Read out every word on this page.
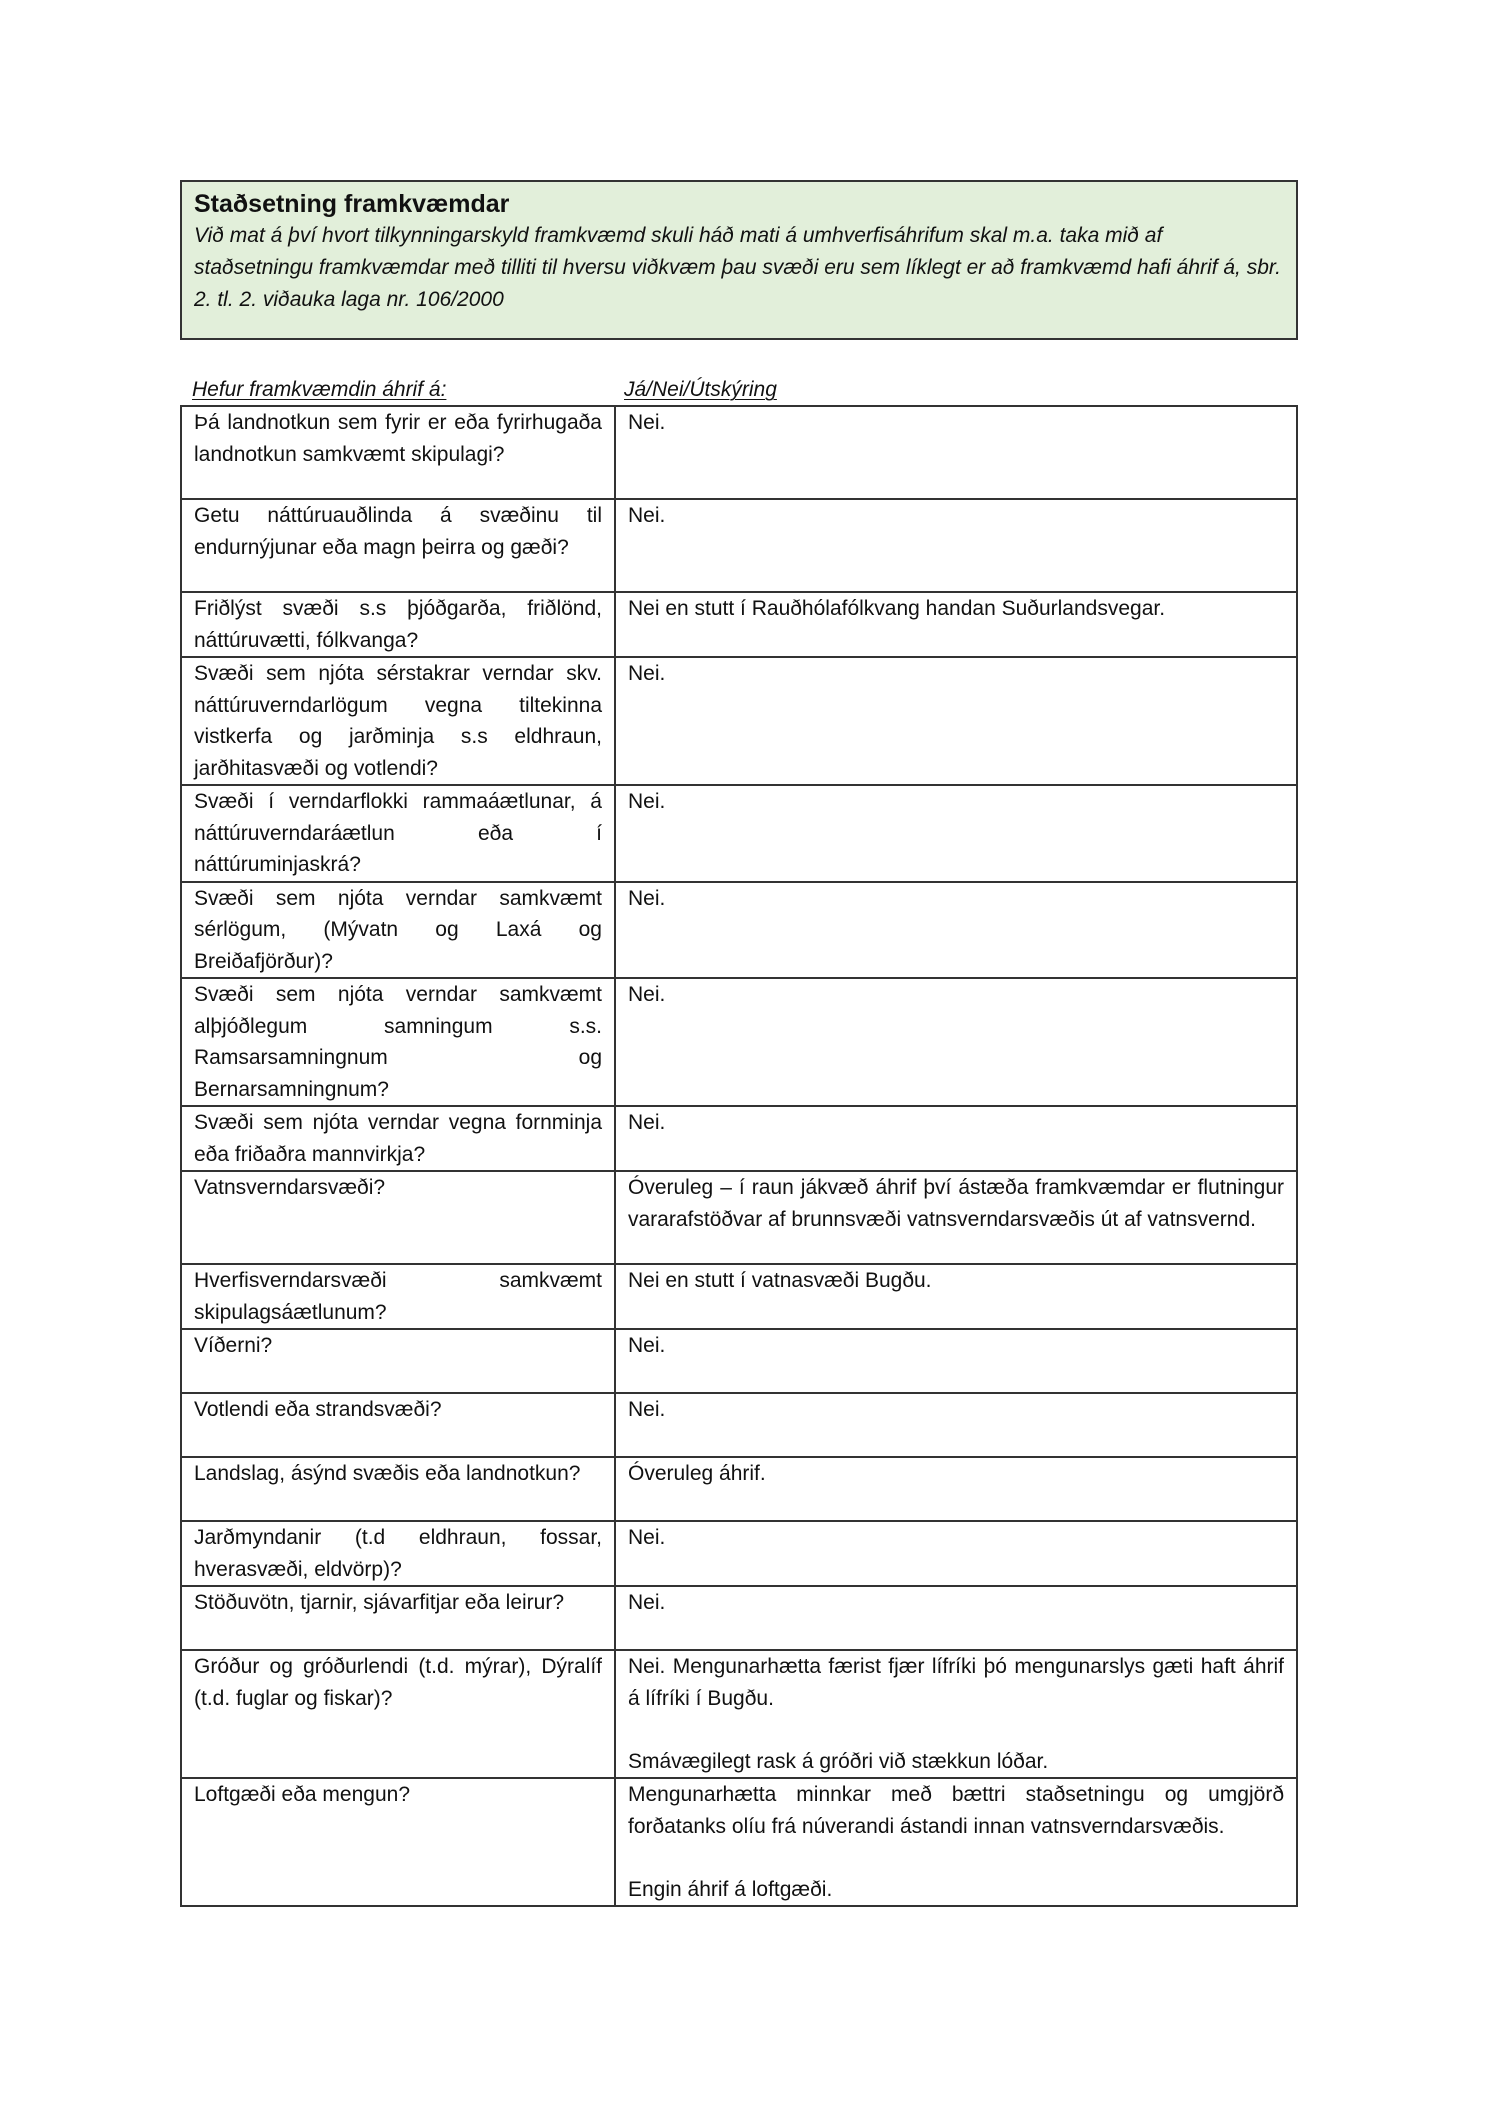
Staðsetning framkvæmdar

Við mat á því hvort tilkynningarskyld framkvæmd skuli háð mati á umhverfisáhrifum skal m.a. taka mið af staðsetningu framkvæmdar með tilliti til hversu viðkvæm þau svæði eru sem líklegt er að framkvæmd hafi áhrif á, sbr. 2. tl. 2. viðauka laga nr. 106/2000

Hefur framkvæmdin áhrif á:	Já/Nei/Útskýring
Þá landnotkun sem fyrir er eða fyrirhugaða landnotkun samkvæmt skipulagi?	Nei.

Getu náttúruauðlinda á svæðinu til endurnýjunar eða magn þeirra og gæði?	Nei.

Friðlýst svæði s.s þjóðgarða, friðlönd, náttúruvætti, fólkvanga?	Nei en stutt í Rauðhólafólkvang handan Suðurlandsvegar.

Svæði sem njóta sérstakrar verndar skv. náttúruverndarlögum vegna tiltekinna vistkerfa og jarðminja s.s eldhraun, jarðhitasvæði og votlendi?	Nei.

Svæði í verndarflokki rammaáætlunar, á náttúruverndaráætlun eða í náttúruminjaskrá?	Nei.

Svæði sem njóta verndar samkvæmt sérlögum, (Mývatn og Laxá og Breiðafjörður)?	Nei.

Svæði sem njóta verndar samkvæmt alþjóðlegum samningum s.s. Ramsarsamningnum og Bernarsamningnum?	Nei.

Svæði sem njóta verndar vegna fornminja eða friðaðra mannvirkja?	Nei.

Vatnsverndarsvæði?	Óveruleg – í raun jákvæð áhrif því ástæða framkvæmdar er flutningur vararafstöðvar af brunnsvæði vatnsverndarsvæðis út af vatnsvernd.

Hverfisverndarsvæði samkvæmt skipulagsáætlunum?	Nei en stutt í vatnasvæði Bugðu.

Víðerni?	Nei.

Votlendi eða strandsvæði?	Nei.

Landslag, ásýnd svæðis eða landnotkun?	Óveruleg áhrif.

Jarðmyndanir (t.d eldhraun, fossar, hverasvæði, eldvörp)?	Nei.

Stöðuvötn, tjarnir, sjávarfitjar eða leirur?	Nei.

Gróður og gróðurlendi (t.d. mýrar), Dýralíf (t.d. fuglar og fiskar)?	Nei. Mengunarhætta færist fjær lífríki þó mengunarslys gæti haft áhrif á lífríki í Bugðu.
Smávægilegt rask á gróðri við stækkun lóðar.

Loftgæði eða mengun?	Mengunarhætta minnkar með bættri staðsetningu og umgjörð forðatanks olíu frá núverandi ástandi innan vatnsverndarsvæðis.
Engin áhrif á loftgæði.
